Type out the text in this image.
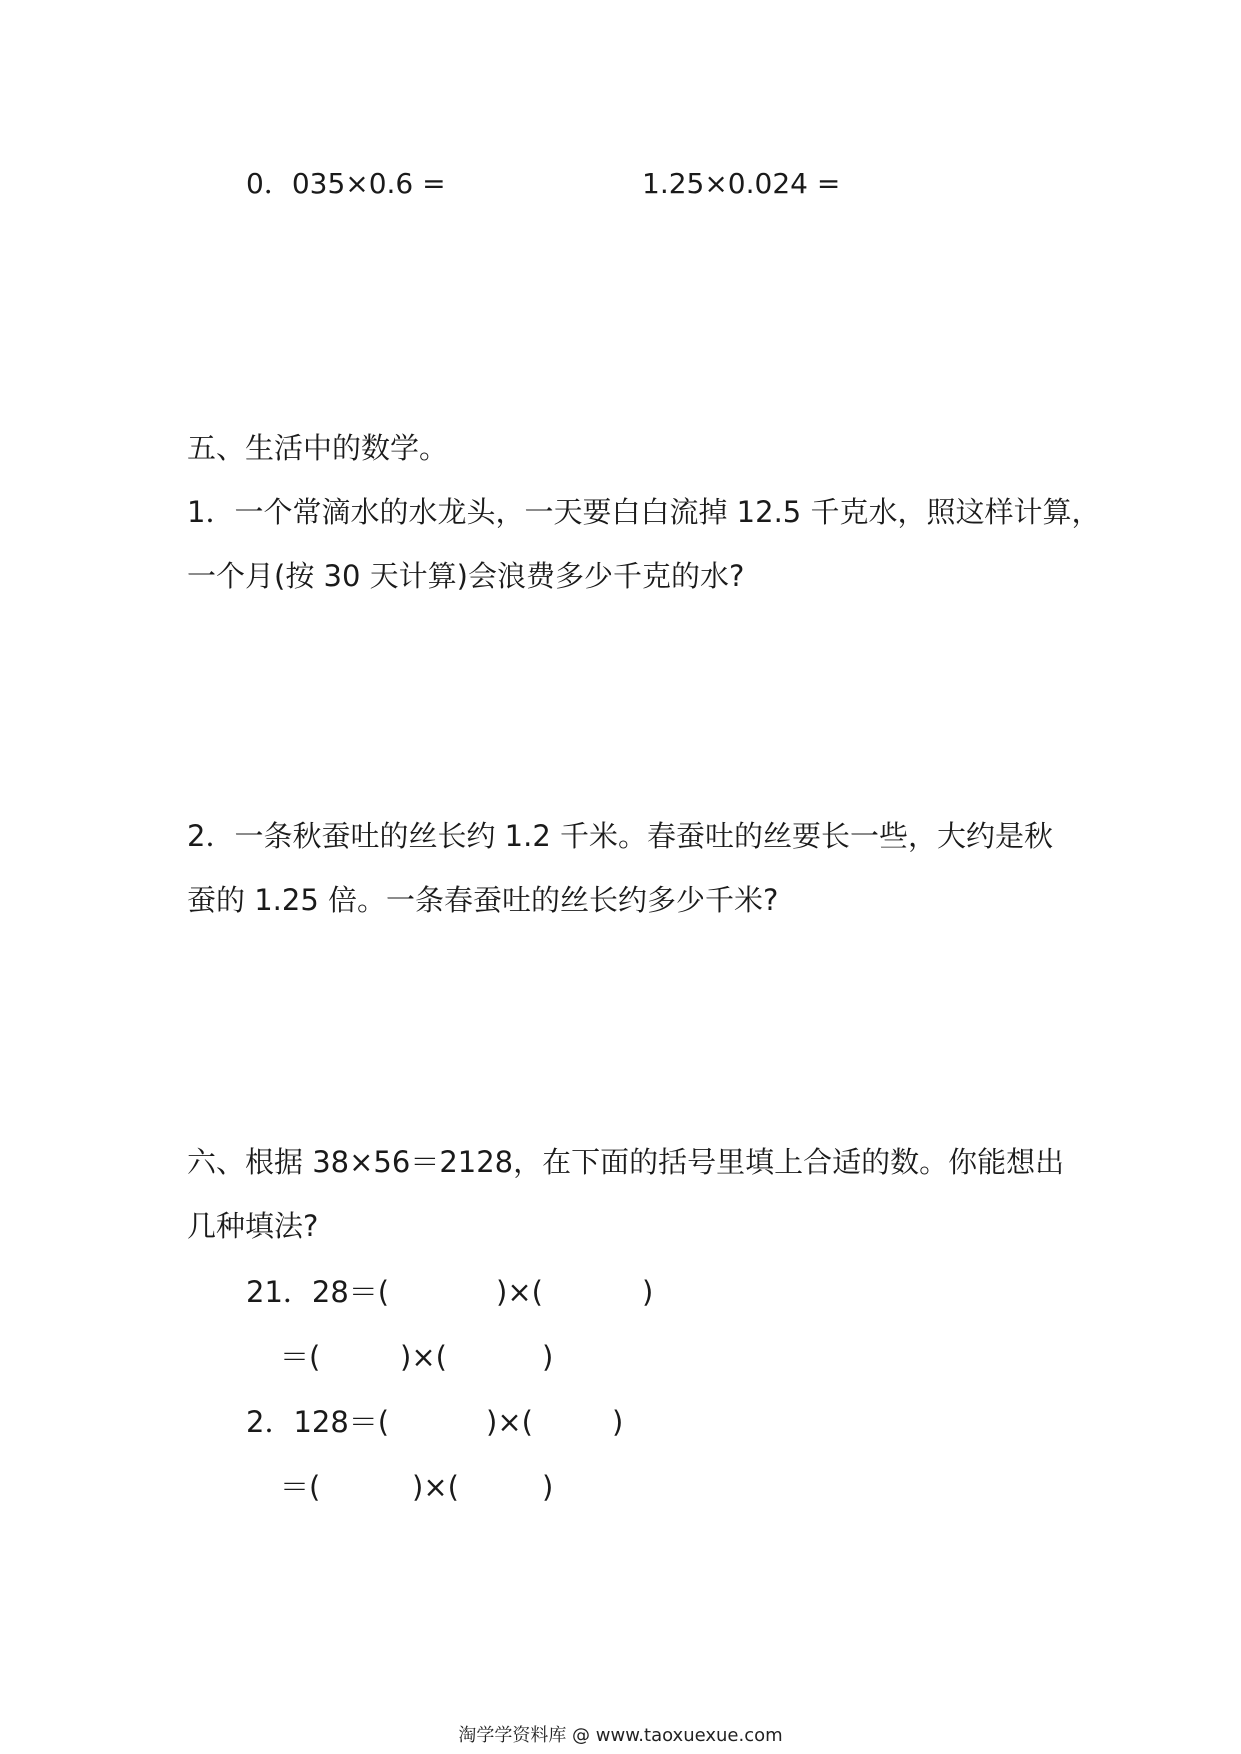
0．035×0.6 =	1.25×0.024 =
五、生活中的数学。
1．一个常滴水的水龙头，一天要白白流掉 12.5 千克水，照这样计算，
一个月(按 30 天计算)会浪费多少千克的水?
2．一条秋蚕吐的丝长约 1.2 千米。春蚕吐的丝要长一些，大约是秋
蚕的 1.25 倍。一条春蚕吐的丝长约多少千米?
六、根据 38×56＝2128，在下面的括号里填上合适的数。你能想出
几种填法?
21．28＝(	)×(	)
＝(	)×(	)
2．128＝(	)×(	)
＝(	)×(	)
淘学学资料库 @ www.taoxuexue.com
